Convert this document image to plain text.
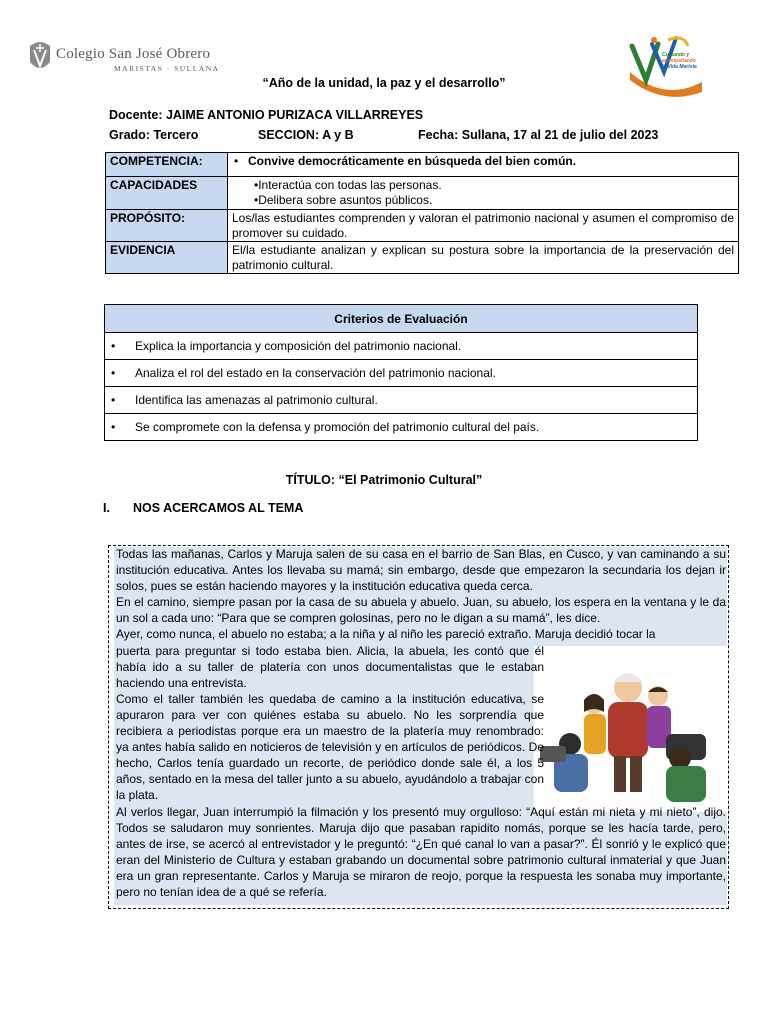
Colegio San José Obrero
MARISTAS · SULLANA
Cuidando y
acompañando
la Vida Marista
“Año de la unidad, la paz y el desarrollo”
Docente: JAIME ANTONIO PURIZACA VILLARREYES
Grado: Tercero	SECCION: A y B	Fecha: Sullana, 17 al 21 de julio del 2023
COMPETENCIA:	• Convive democráticamente en búsqueda del bien común.
CAPACIDADES	•Interactúa con todas las personas.
•Delibera sobre asuntos públicos.

PROPÓSITO:	Los/las estudiantes comprenden y valoran el patrimonio nacional y asumen el compromiso de promover su cuidado.
EVIDENCIA	El/la estudiante analizan y explican su postura sobre la importancia de la preservación del patrimonio cultural.
Criterios de Evaluación
• Explica la importancia y composición del patrimonio nacional.
• Analiza el rol del estado en la conservación del patrimonio nacional.
• Identifica las amenazas al patrimonio cultural.
• Se compromete con la defensa y promoción del patrimonio cultural del país.
TÍTULO: “El Patrimonio Cultural”
I. NOS ACERCAMOS AL TEMA

Todas las mañanas, Carlos y Maruja salen de su casa en el barrio de San Blas, en Cusco, y van caminando a su institución educativa. Antes los llevaba su mamá; sin embargo, desde que empezaron la secundaria los dejan ir solos, pues se están haciendo mayores y la institución educativa queda cerca.

En el camino, siempre pasan por la casa de su abuela y abuelo. Juan, su abuelo, los espera en la ventana y le da un sol a cada uno: “Para que se compren golosinas, pero no le digan a su mamá”, les dice.

Ayer, como nunca, el abuelo no estaba; a la niña y al niño les pareció extraño. Maruja decidió tocar la

puerta para preguntar si todo estaba bien. Alicia, la abuela, les contó que él había ido a su taller de platería con unos documentalistas que le estaban haciendo una entrevista.

Como el taller también les quedaba de camino a la institución educativa, se apuraron para ver con quiénes estaba su abuelo. No les sorprendía que recibiera a periodistas porque era un maestro de la platería muy renombrado: ya antes había salido en noticieros de televisión y en artículos de periódicos. De hecho, Carlos tenía guardado un recorte, de periódico donde sale él, a los 5 años, sentado en la mesa del taller junto a su abuelo, ayudándolo a trabajar con la plata.

Al verlos llegar, Juan interrumpió la filmación y los presentó muy orgulloso: “Aquí están mi nieta y mi nieto”, dijo. Todos se saludaron muy sonrientes. Maruja dijo que pasaban rapidito nomás, porque se les hacía tarde, pero, antes de irse, se acercó al entrevistador y le preguntó: “¿En qué canal lo van a pasar?”. Él sonrió y le explicó que eran del Ministerio de Cultura y estaban grabando un documental sobre patrimonio cultural inmaterial y que Juan era un gran representante. Carlos y Maruja se miraron de reojo, porque la respuesta les sonaba muy importante, pero no tenían idea de a qué se refería.
